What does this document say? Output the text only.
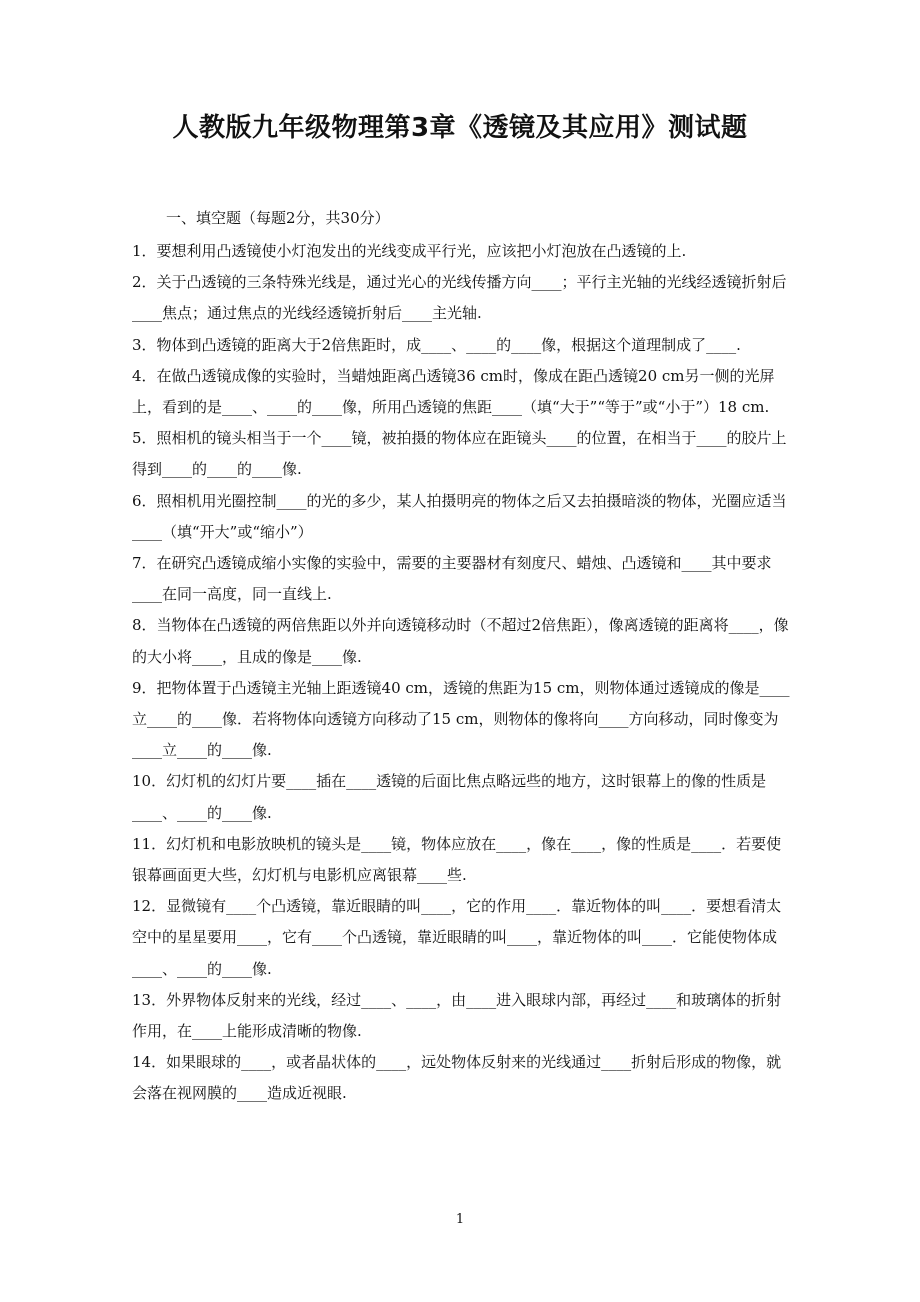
人教版九年级物理第3章《透镜及其应用》测试题
一、填空题（每题2分，共30分）

1．要想利用凸透镜使小灯泡发出的光线变成平行光，应该把小灯泡放在凸透镜的上.

2．关于凸透镜的三条特殊光线是，通过光心的光线传播方向____；平行主光轴的光线经透镜折射后____焦点；通过焦点的光线经透镜折射后____主光轴.

3．物体到凸透镜的距离大于2倍焦距时，成____、____的____像，根据这个道理制成了____.

4．在做凸透镜成像的实验时，当蜡烛距离凸透镜36 cm时，像成在距凸透镜20 cm另一侧的光屏上，看到的是____、____的____像，所用凸透镜的焦距____（填“大于”“等于”或“小于”）18 cm.

5．照相机的镜头相当于一个____镜，被拍摄的物体应在距镜头____的位置，在相当于____的胶片上得到____的____的____像.

6．照相机用光圈控制____的光的多少，某人拍摄明亮的物体之后又去拍摄暗淡的物体，光圈应适当____（填“开大”或“缩小”）

7．在研究凸透镜成缩小实像的实验中，需要的主要器材有刻度尺、蜡烛、凸透镜和____其中要求____在同一高度，同一直线上.

8．当物体在凸透镜的两倍焦距以外并向透镜移动时（不超过2倍焦距），像离透镜的距离将____，像的大小将____，且成的像是____像.

9．把物体置于凸透镜主光轴上距透镜40 cm，透镜的焦距为15 cm，则物体通过透镜成的像是____立____的____像．若将物体向透镜方向移动了15 cm，则物体的像将向____方向移动，同时像变为____立____的____像.

10．幻灯机的幻灯片要____插在____透镜的后面比焦点略远些的地方，这时银幕上的像的性质是____、____的____像.

11．幻灯机和电影放映机的镜头是____镜，物体应放在____，像在____，像的性质是____．若要使银幕画面更大些，幻灯机与电影机应离银幕____些.

12．显微镜有____个凸透镜，靠近眼睛的叫____，它的作用____．靠近物体的叫____．要想看清太空中的星星要用____，它有____个凸透镜，靠近眼睛的叫____，靠近物体的叫____．它能使物体成____、____的____像.

13．外界物体反射来的光线，经过____、____，由____进入眼球内部，再经过____和玻璃体的折射作用，在____上能形成清晰的物像.

14．如果眼球的____，或者晶状体的____，远处物体反射来的光线通过____折射后形成的物像，就会落在视网膜的____造成近视眼.

1
